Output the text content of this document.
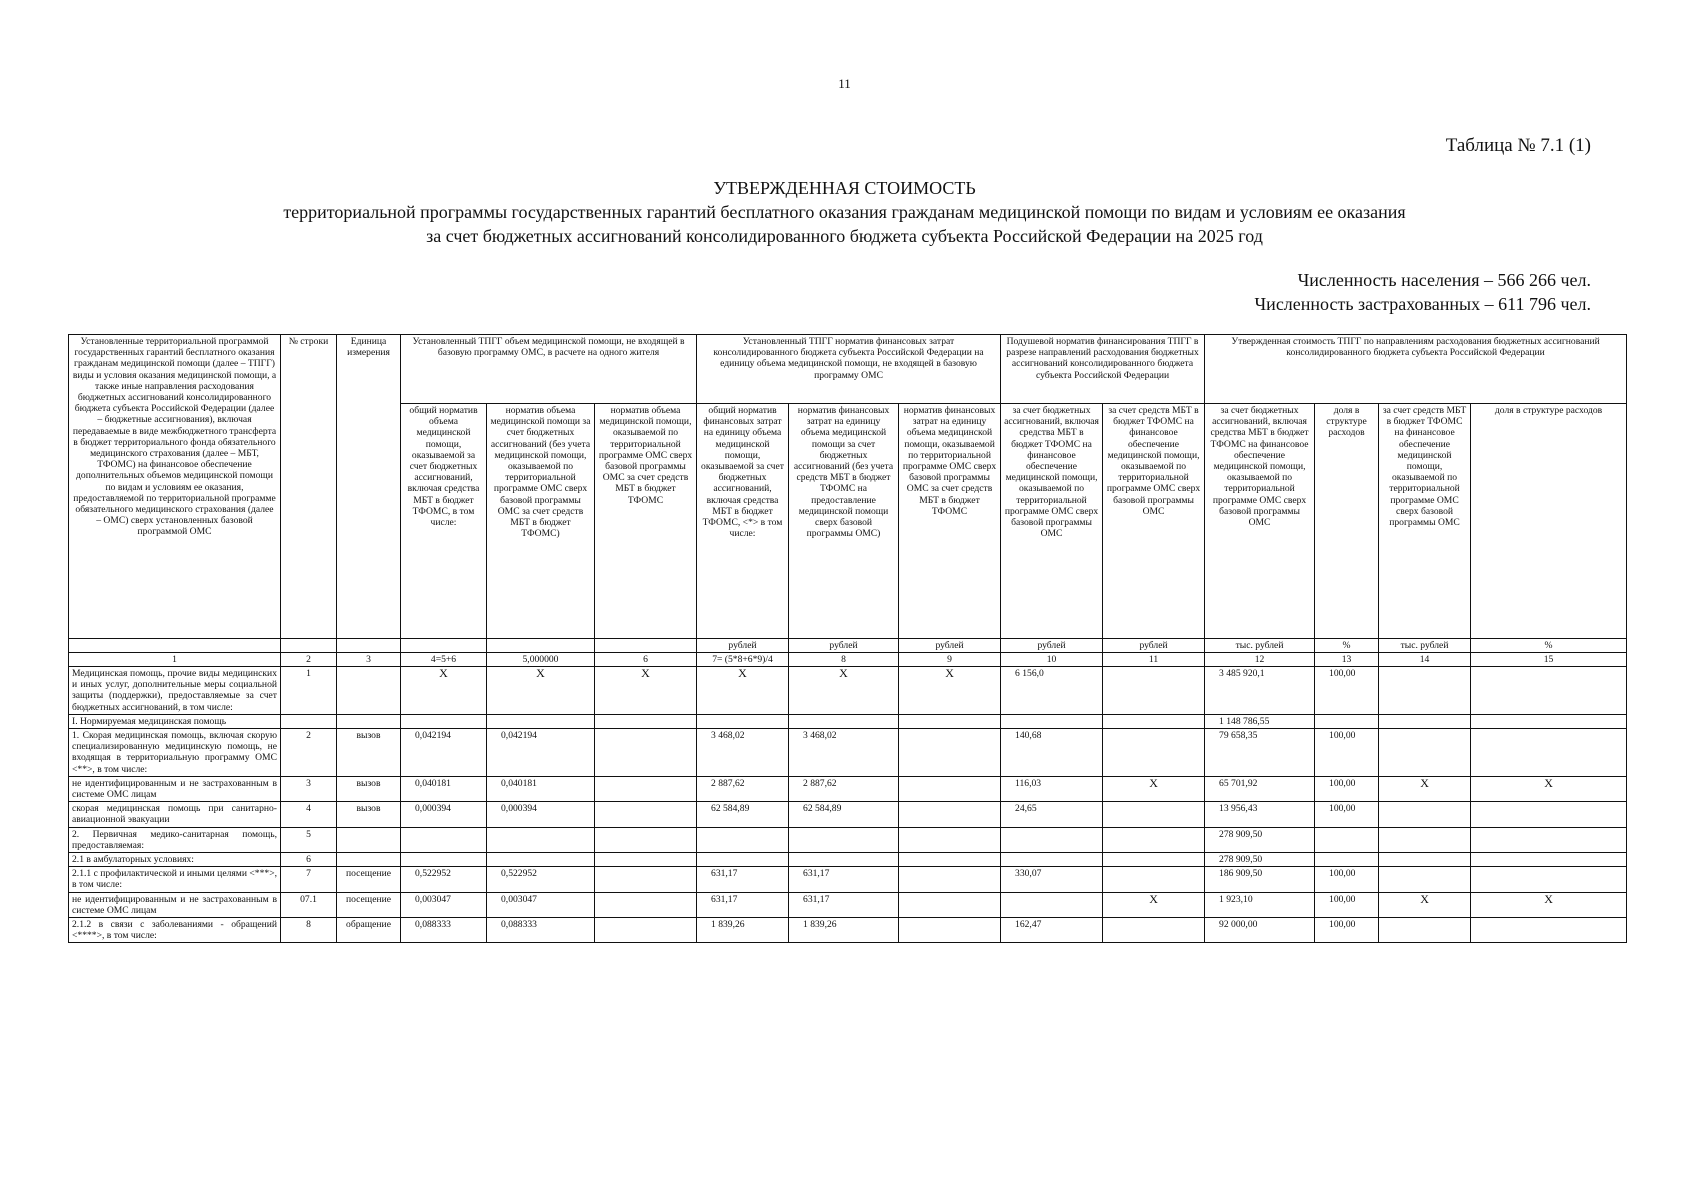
11
Таблица № 7.1 (1)
УТВЕРЖДЕННАЯ СТОИМОСТЬ
территориальной программы государственных гарантий бесплатного оказания гражданам медицинской помощи по видам и условиям ее оказания
за счет бюджетных ассигнований консолидированного бюджета субъекта Российской Федерации на 2025 год
Численность населения – 566 266 чел.
Численность застрахованных – 611 796 чел.
Установленные территориальной программой государственных гарантий бесплатного оказания гражданам медицинской помощи (далее – ТПГГ) виды и условия оказания медицинской помощи, а также иные направления расходования бюджетных ассигнований консолидированного бюджета субъекта Российской Федерации (далее – бюджетные ассигнования), включая передаваемые в виде межбюджетного трансферта в бюджет территориального фонда обязательного медицинского страхования (далее – МБТ, ТФОМС) на финансовое обеспечение дополнительных объемов медицинской помощи по видам и условиям ее оказания, предоставляемой по территориальной программе обязательного медицинского страхования (далее – ОМС) сверх установленных базовой программой ОМС	№ строки	Единица измерения	Установленный ТПГГ объем медицинской помощи, не входящей в базовую программу ОМС, в расчете на одного жителя			Установленный ТПГГ норматив финансовых затрат консолидированного бюджета субъекта Российской Федерации на единицу объема медицинской помощи, не входящей в базовую программу ОМС			Подушевой норматив финансирования ТПГГ в разрезе направлений расходования бюджетных ассигнований консолидированного бюджета субъекта Российской Федерации		Утвержденная стоимость ТПГГ по направлениям расходования бюджетных ассигнований консолидированного бюджета субъекта Российской Федерации			
			общий норматив объема медицинской помощи, оказываемой за счет бюджетных ассигнований, включая средства МБТ в бюджет ТФОМС, в том числе:	норматив объема медицинской помощи за счет бюджетных ассигнований (без учета медицинской помощи, оказываемой по территориальной программе ОМС сверх базовой программы ОМС за счет средств МБТ в бюджет ТФОМС)	норматив объема медицинской помощи, оказываемой по территориальной программе ОМС сверх базовой программы ОМС за счет средств МБТ в бюджет ТФОМС	общий норматив финансовых затрат на единицу объема медицинской помощи, оказываемой за счет бюджетных ассигнований, включая средства МБТ в бюджет ТФОМС, <*> в том числе:	норматив финансовых затрат на единицу объема медицинской помощи за счет бюджетных ассигнований (без учета средств МБТ в бюджет ТФОМС на предоставление медицинской помощи сверх базовой программы ОМС)	норматив финансовых затрат на единицу объема медицинской помощи, оказываемой по территориальной программе ОМС сверх базовой программы ОМС за счет средств МБТ в бюджет ТФОМС	за счет бюджетных ассигнований, включая средства МБТ в бюджет ТФОМС на финансовое обеспечение медицинской помощи, оказываемой по территориальной программе ОМС сверх базовой программы ОМС	за счет средств МБТ в бюджет ТФОМС на финансовое обеспечение медицинской помощи, оказываемой по территориальной программе ОМС сверх базовой программы ОМС	за счет бюджетных ассигнований, включая средства МБТ в бюджет ТФОМС на финансовое обеспечение медицинской помощи, оказываемой по территориальной программе ОМС сверх базовой программы ОМС	доля в структуре расходов	за счет средств МБТ в бюджет ТФОМС на финансовое обеспечение медицинской помощи, оказываемой по территориальной программе ОМС сверх базовой программы ОМС	доля в структуре расходов
						рублей	рублей	рублей	рублей	рублей	тыс. рублей	%	тыс. рублей	%
1	2	3	4=5+6	5,000000	6	7= (5*8+6*9)/4	8	9	10	11	12	13	14	15
Медицинская помощь, прочие виды медицинских и иных услуг, дополнительные меры социальной защиты (поддержки), предоставляемые за счет бюджетных ассигнований, в том числе:	1		X	X	X	X	X	X	6 156,0		3 485 920,1	100,00		
I. Нормируемая медицинская помощь											1 148 786,55			
1. Скорая медицинская помощь, включая скорую специализированную медицинскую помощь, не входящая в территориальную программу ОМС <**>, в том числе:	2	вызов	0,042194	0,042194		3 468,02	3 468,02		140,68		79 658,35	100,00		
не идентифицированным и не застрахованным в системе ОМС лицам	3	вызов	0,040181	0,040181		2 887,62	2 887,62		116,03	X	65 701,92	100,00	X	X
скорая медицинская помощь при санитарно-авиационной эвакуации	4	вызов	0,000394	0,000394		62 584,89	62 584,89		24,65		13 956,43	100,00		
2. Первичная медико-санитарная помощь, предоставляемая:	5										278 909,50			
2.1 в амбулаторных условиях:	6										278 909,50			
2.1.1 с профилактической и иными целями <***>, в том числе:	7	посещение	0,522952	0,522952		631,17	631,17		330,07		186 909,50	100,00		
не идентифицированным и не застрахованным в системе ОМС лицам	07.1	посещение	0,003047	0,003047		631,17	631,17			X	1 923,10	100,00	X	X
2.1.2 в связи с заболеваниями - обращений <****>, в том числе:	8	обращение	0,088333	0,088333		1 839,26	1 839,26		162,47		92 000,00	100,00		
